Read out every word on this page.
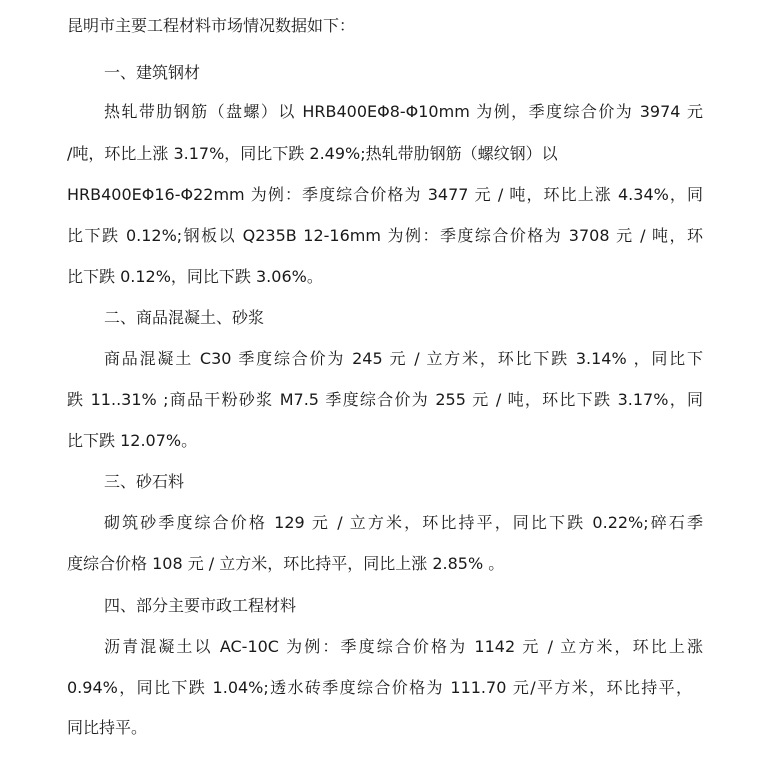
昆明市主要工程材料市场情况数据如下：
一、建筑钢材
热轧带肋钢筋（盘螺）以 HRB400EΦ8-Φ10mm 为例，季度综合价为 3974 元
/吨，环比上涨 3.17%，同比下跌 2.49%;热轧带肋钢筋（螺纹钢）以
HRB400EΦ16-Φ22mm 为例：季度综合价格为 3477 元 / 吨，环比上涨 4.34%，同
比下跌 0.12%;钢板以 Q235B 12-16mm 为例：季度综合价格为 3708 元 / 吨，环
比下跌 0.12%，同比下跌 3.06%。
二、商品混凝土、砂浆
商品混凝土 C30 季度综合价为 245 元 / 立方米，环比下跌 3.14% ，同比下
跌 11..31% ;商品干粉砂浆 M7.5 季度综合价为 255 元 / 吨，环比下跌 3.17%，同
比下跌 12.07%。
三、砂石料
砌筑砂季度综合价格 129 元 / 立方米，环比持平，同比下跌 0.22%;碎石季
度综合价格 108 元 / 立方米，环比持平，同比上涨 2.85% 。
四、部分主要市政工程材料
沥青混凝土以 AC-10C 为例：季度综合价格为 1142 元 / 立方米，环比上涨
0.94%，同比下跌 1.04%;透水砖季度综合价格为 111.70 元/平方米，环比持平，
同比持平。
